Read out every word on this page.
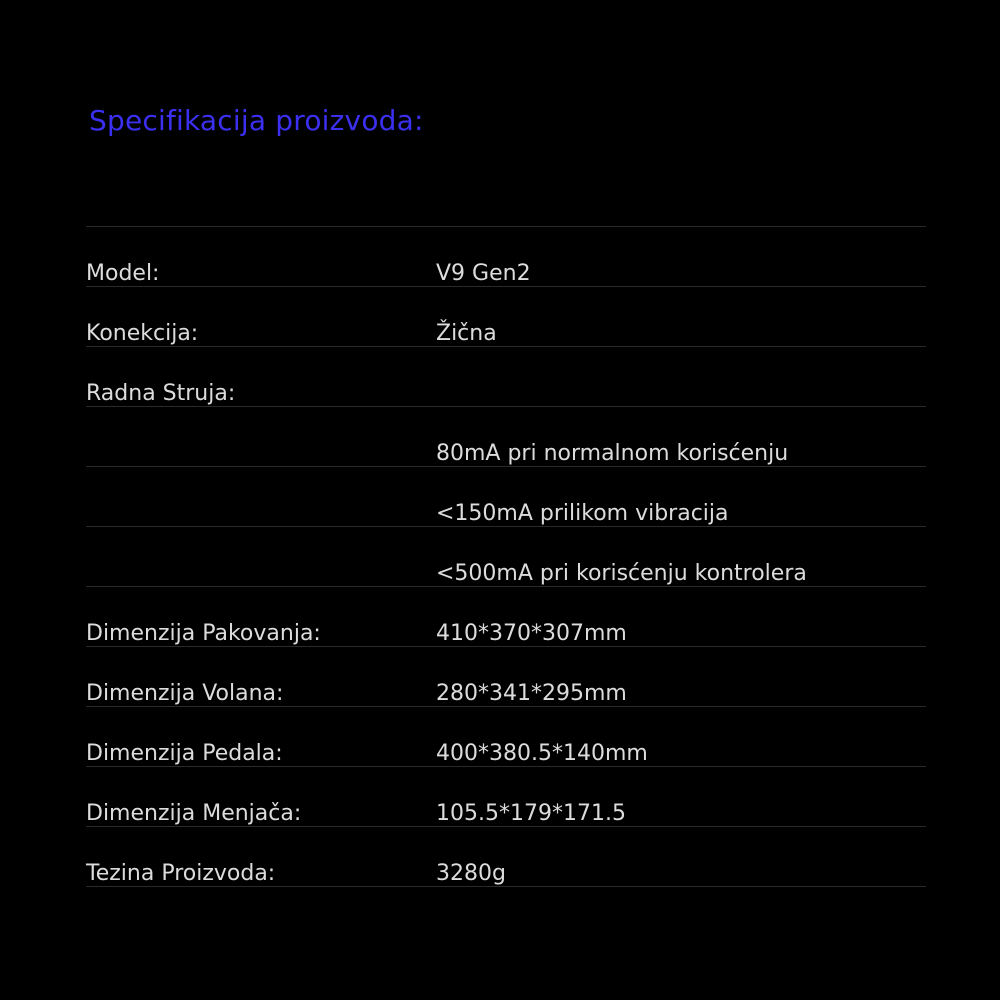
Specifikacija proizvoda:

Model:	V9 Gen2
Konekcija:	Žična
Radna Struja:	
	80mA pri normalnom korisćenju
	<150mA prilikom vibracija
	<500mA pri korisćenju kontrolera
Dimenzija Pakovanja:	410*370*307mm
Dimenzija Volana:	280*341*295mm
Dimenzija Pedala:	400*380.5*140mm
Dimenzija Menjača:	105.5*179*171.5
Tezina Proizvoda:	3280g
